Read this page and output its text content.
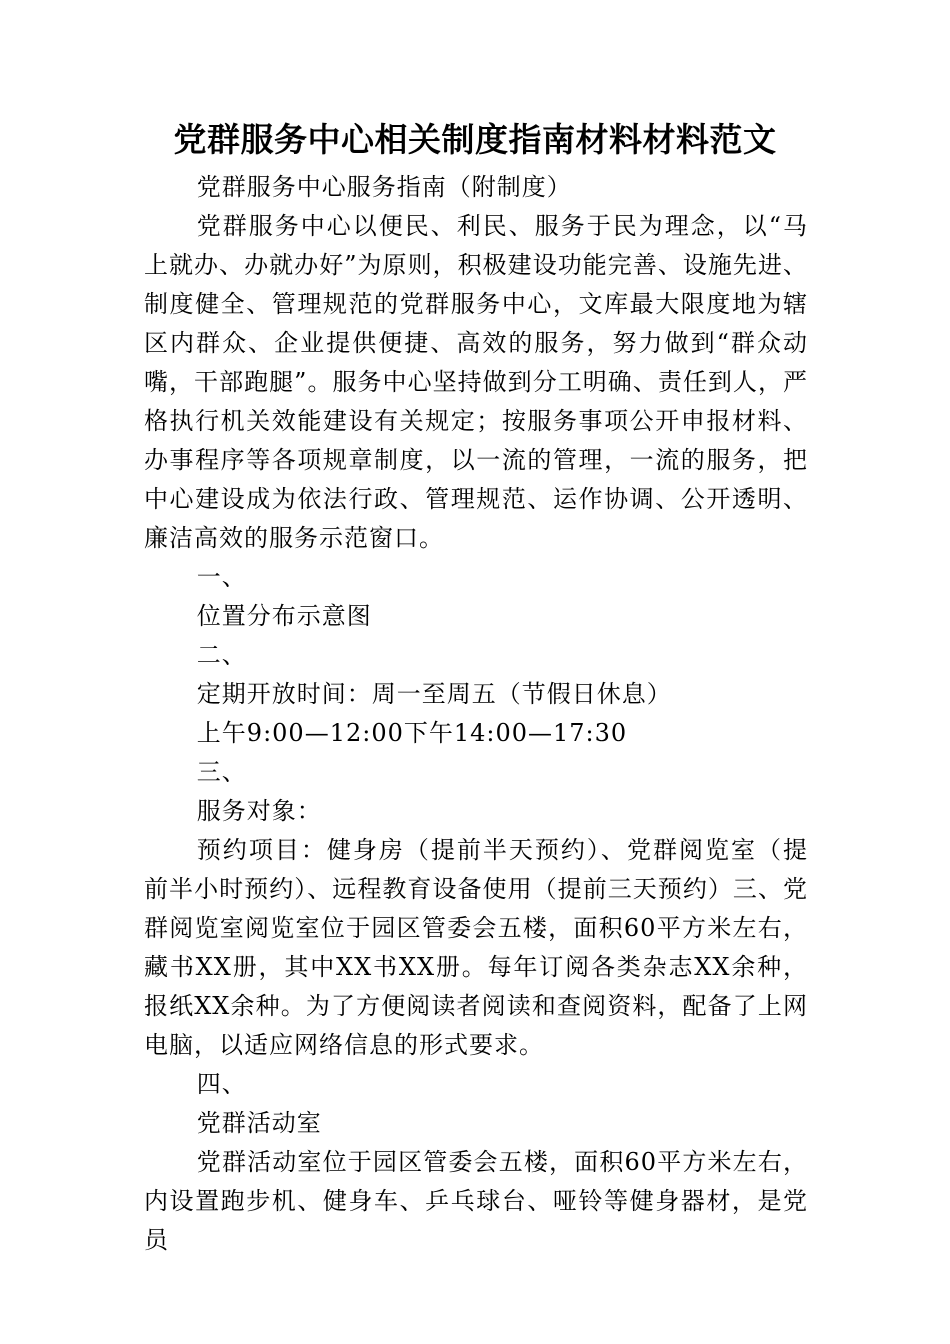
党群服务中心相关制度指南材料材料范文

党群服务中心服务指南（附制度）

党群服务中心以便民、利民、服务于民为理念，以“马上就办、办就办好”为原则，积极建设功能完善、设施先进、制度健全、管理规范的党群服务中心，文库最大限度地为辖区内群众、企业提供便捷、高效的服务，努力做到“群众动嘴，干部跑腿”。服务中心坚持做到分工明确、责任到人，严格执行机关效能建设有关规定；按服务事项公开申报材料、办事程序等各项规章制度，以一流的管理，一流的服务，把中心建设成为依法行政、管理规范、运作协调、公开透明、廉洁高效的服务示范窗口。

一、

位置分布示意图

二、

定期开放时间：周一至周五（节假日休息）

上午9:00—12:00下午14:00—17:30

三、

服务对象：

预约项目：健身房（提前半天预约）、党群阅览室（提前半小时预约）、远程教育设备使用（提前三天预约）三、党群阅览室阅览室位于园区管委会五楼，面积60平方米左右，藏书XX册，其中XX书XX册。每年订阅各类杂志XX余种，报纸XX余种。为了方便阅读者阅读和查阅资料，配备了上网电脑，以适应网络信息的形式要求。

四、

党群活动室

党群活动室位于园区管委会五楼，面积60平方米左右，内设置跑步机、健身车、乒乓球台、哑铃等健身器材，是党员
